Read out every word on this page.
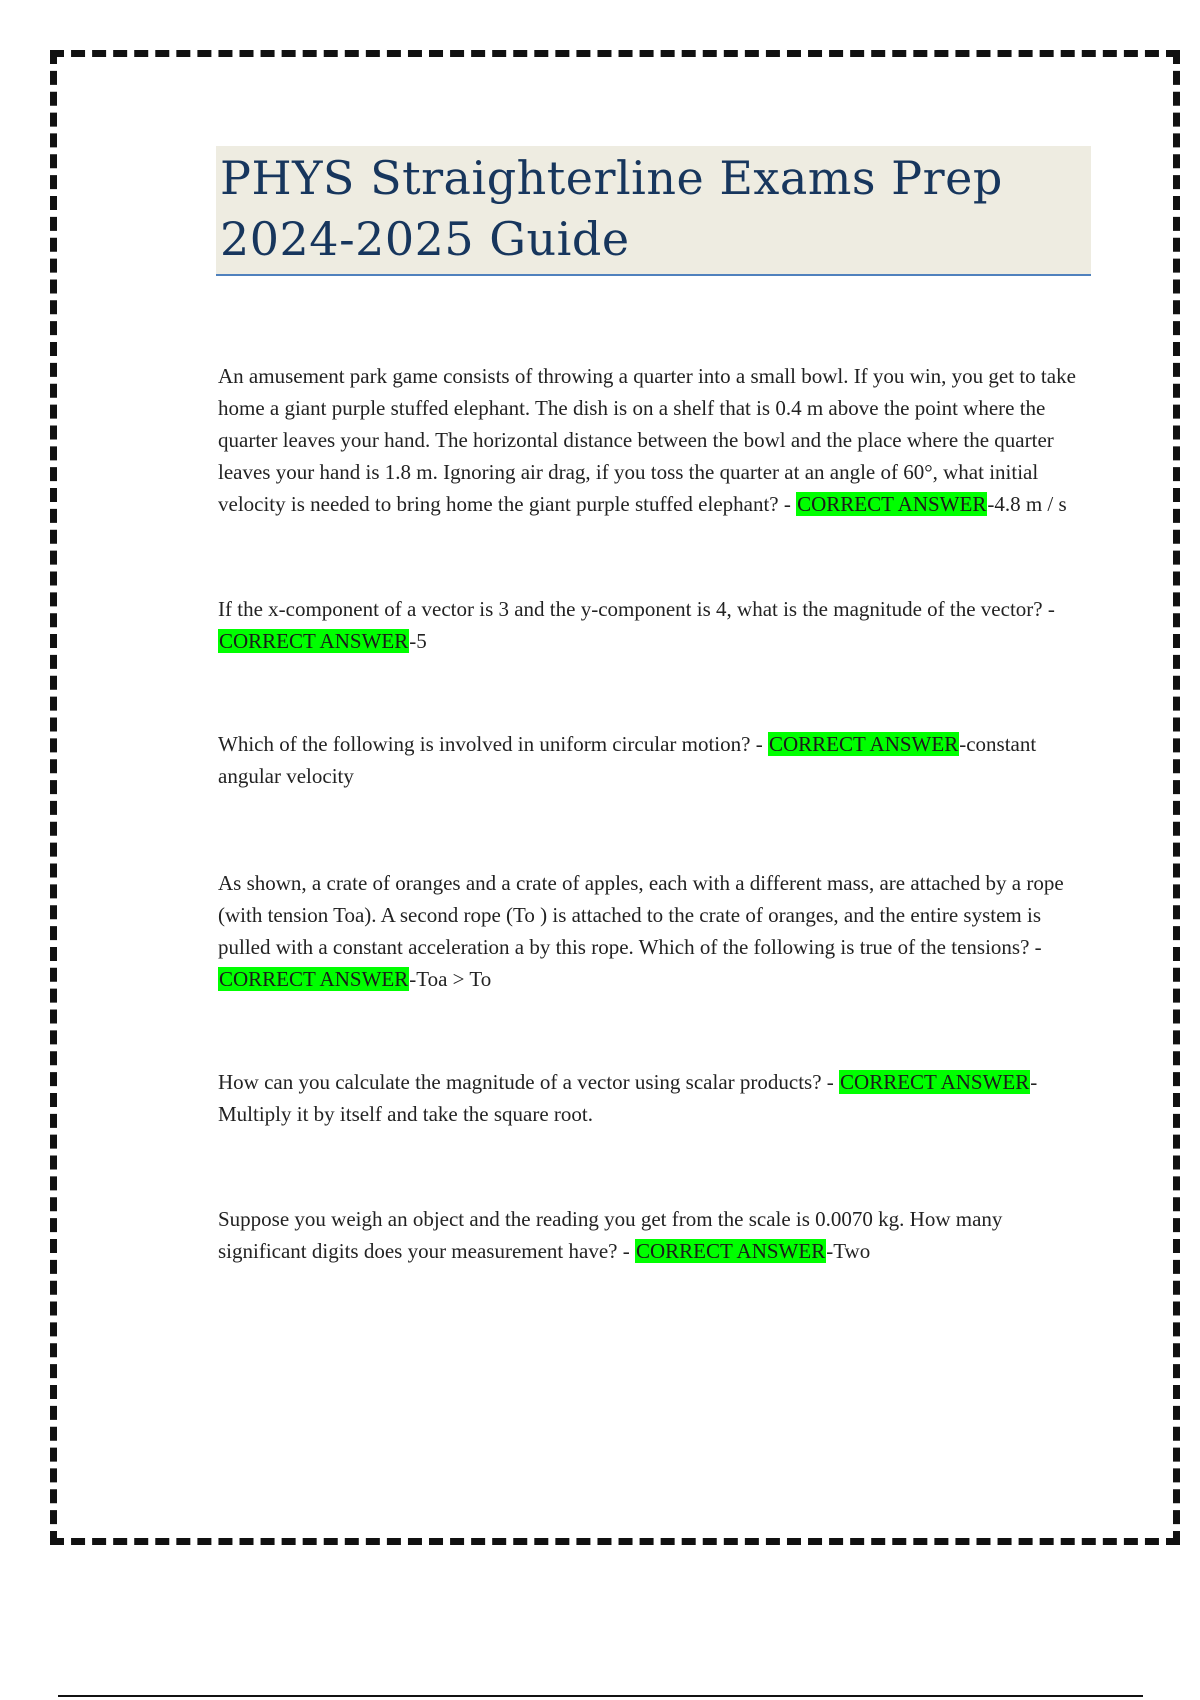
PHYS Straighterline Exams Prep
2024-2025 Guide

An amusement park game consists of throwing a quarter into a small bowl. If you win, you get to take home a giant purple stuffed elephant. The dish is on a shelf that is 0.4 m above the point where the quarter leaves your hand. The horizontal distance between the bowl and the place where the quarter leaves your hand is 1.8 m. Ignoring air drag, if you toss the quarter at an angle of 60°, what initial velocity is needed to bring home the giant purple stuffed elephant? - CORRECT ANSWER-4.8 m / s

If the x-component of a vector is 3 and the y-component is 4, what is the magnitude of the vector? - CORRECT ANSWER-5

Which of the following is involved in uniform circular motion? - CORRECT ANSWER-constant angular velocity

As shown, a crate of oranges and a crate of apples, each with a different mass, are attached by a rope (with tension Toa). A second rope (To ) is attached to the crate of oranges, and the entire system is pulled with a constant acceleration a by this rope. Which of the following is true of the tensions? - CORRECT ANSWER-Toa > To

How can you calculate the magnitude of a vector using scalar products? - CORRECT ANSWER-Multiply it by itself and take the square root.

Suppose you weigh an object and the reading you get from the scale is 0.0070 kg. How many significant digits does your measurement have? - CORRECT ANSWER-Two
